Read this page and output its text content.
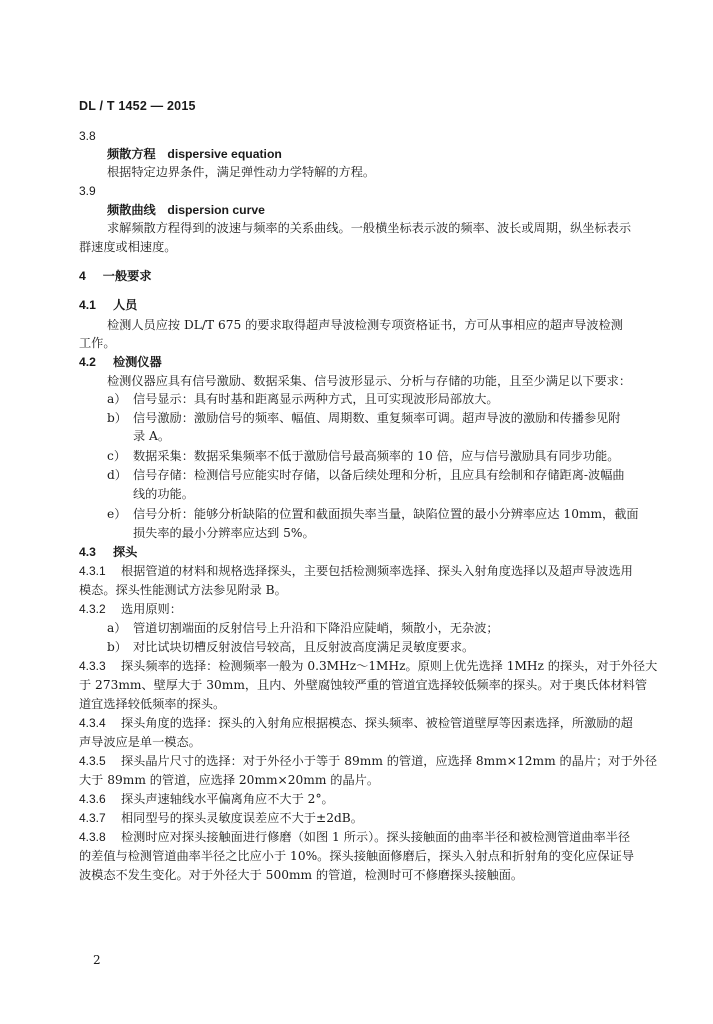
DL / T 1452 — 2015
3.8
频散方程 dispersive equation
根据特定边界条件，满足弹性动力学特解的方程。
3.9
频散曲线 dispersion curve
求解频散方程得到的波速与频率的关系曲线。一般横坐标表示波的频率、波长或周期，纵坐标表示
群速度或相速度。
4 一般要求
4.1 人员
检测人员应按 DL/T 675 的要求取得超声导波检测专项资格证书，方可从事相应的超声导波检测
工作。
4.2 检测仪器
检测仪器应具有信号激励、数据采集、信号波形显示、分析与存储的功能，且至少满足以下要求：
a） 信号显示：具有时基和距离显示两种方式，且可实现波形局部放大。
b） 信号激励：激励信号的频率、幅值、周期数、重复频率可调。超声导波的激励和传播参见附
录 A。
c） 数据采集：数据采集频率不低于激励信号最高频率的 10 倍，应与信号激励具有同步功能。
d） 信号存储：检测信号应能实时存储，以备后续处理和分析，且应具有绘制和存储距离-波幅曲
线的功能。
e） 信号分析：能够分析缺陷的位置和截面损失率当量，缺陷位置的最小分辨率应达 10mm，截面
损失率的最小分辨率应达到 5%。
4.3 探头
4.3.1 根据管道的材料和规格选择探头，主要包括检测频率选择、探头入射角度选择以及超声导波选用
模态。探头性能测试方法参见附录 B。
4.3.2 选用原则：
a） 管道切割端面的反射信号上升沿和下降沿应陡峭，频散小，无杂波；
b） 对比试块切槽反射波信号较高，且反射波高度满足灵敏度要求。
4.3.3 探头频率的选择：检测频率一般为 0.3MHz～1MHz。原则上优先选择 1MHz 的探头，对于外径大
于 273mm、壁厚大于 30mm，且内、外壁腐蚀较严重的管道宜选择较低频率的探头。对于奥氏体材料管
道宜选择较低频率的探头。
4.3.4 探头角度的选择：探头的入射角应根据模态、探头频率、被检管道壁厚等因素选择，所激励的超
声导波应是单一模态。
4.3.5 探头晶片尺寸的选择：对于外径小于等于 89mm 的管道，应选择 8mm×12mm 的晶片；对于外径
大于 89mm 的管道，应选择 20mm×20mm 的晶片。
4.3.6 探头声速轴线水平偏离角应不大于 2°。
4.3.7 相同型号的探头灵敏度误差应不大于±2dB。
4.3.8 检测时应对探头接触面进行修磨（如图 1 所示）。探头接触面的曲率半径和被检测管道曲率半径
的差值与检测管道曲率半径之比应小于 10%。探头接触面修磨后，探头入射点和折射角的变化应保证导
波模态不发生变化。对于外径大于 500mm 的管道，检测时可不修磨探头接触面。
2
